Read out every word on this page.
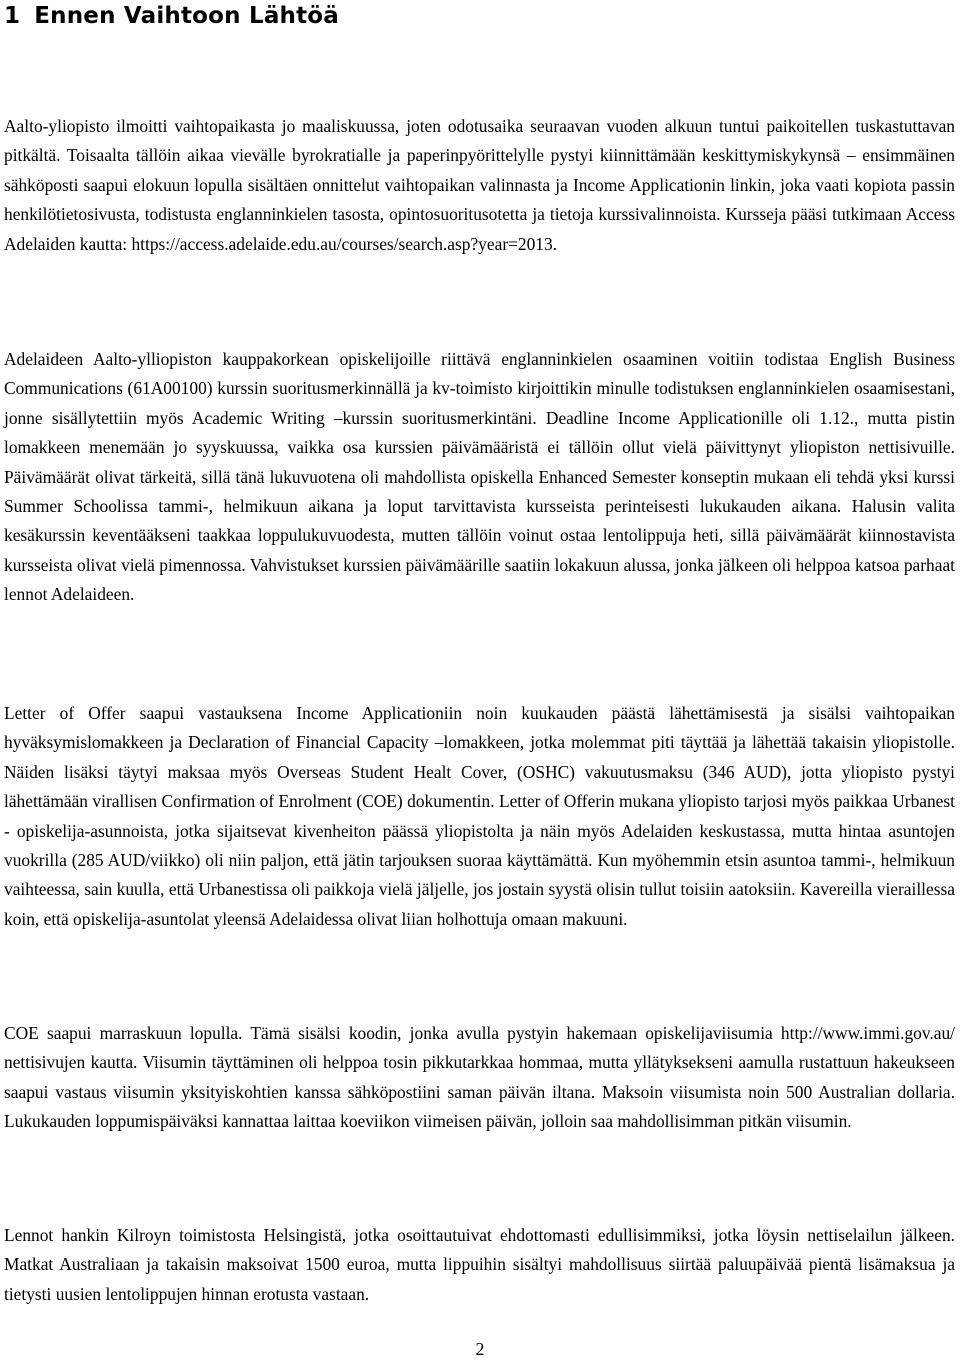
1 Ennen Vaihtoon Lähtöä

Aalto-yliopisto ilmoitti vaihtopaikasta jo maaliskuussa, joten odotusaika seuraavan vuoden alkuun tuntui paikoitellen tuskastuttavan pitkältä. Toisaalta tällöin aikaa vievälle byrokratialle ja paperinpyörittelylle pystyi kiinnittämään keskittymiskykynsä – ensimmäinen sähköposti saapui elokuun lopulla sisältäen onnittelut vaihtopaikan valinnasta ja Income Applicationin linkin, joka vaati kopiota passin henkilötietosivusta, todistusta englanninkielen tasosta, opintosuoritusotetta ja tietoja kurssivalinnoista. Kursseja pääsi tutkimaan Access Adelaiden kautta: https://access.adelaide.edu.au/courses/search.asp?year=2013.

Adelaideen Aalto-ylliopiston kauppakorkean opiskelijoille riittävä englanninkielen osaaminen voitiin todistaa English Business Communications (61A00100) kurssin suoritusmerkinnällä ja kv-toimisto kirjoittikin minulle todistuksen englanninkielen osaamisestani, jonne sisällytettiin myös Academic Writing –kurssin suoritusmerkintäni. Deadline Income Applicationille oli 1.12., mutta pistin lomakkeen menemään jo syyskuussa, vaikka osa kurssien päivämääristä ei tällöin ollut vielä päivittynyt yliopiston nettisivuille. Päivämäärät olivat tärkeitä, sillä tänä lukuvuotena oli mahdollista opiskella Enhanced Semester konseptin mukaan eli tehdä yksi kurssi Summer Schoolissa tammi-, helmikuun aikana ja loput tarvittavista kursseista perinteisesti lukukauden aikana. Halusin valita kesäkurssin keventääkseni taakkaa loppulukuvuodesta, mutten tällöin voinut ostaa lentolippuja heti, sillä päivämäärät kiinnostavista kursseista olivat vielä pimennossa. Vahvistukset kurssien päivämäärille saatiin lokakuun alussa, jonka jälkeen oli helppoa katsoa parhaat lennot Adelaideen.

Letter of Offer saapui vastauksena Income Applicationiin noin kuukauden päästä lähettämisestä ja sisälsi vaihtopaikan hyväksymislomakkeen ja Declaration of Financial Capacity –lomakkeen, jotka molemmat piti täyttää ja lähettää takaisin yliopistolle. Näiden lisäksi täytyi maksaa myös Overseas Student Healt Cover, (OSHC) vakuutusmaksu (346 AUD), jotta yliopisto pystyi lähettämään virallisen Confirmation of Enrolment (COE) dokumentin. Letter of Offerin mukana yliopisto tarjosi myös paikkaa Urbanest - opiskelija-asunnoista, jotka sijaitsevat kivenheiton päässä yliopistolta ja näin myös Adelaiden keskustassa, mutta hintaa asuntojen vuokrilla (285 AUD/viikko) oli niin paljon, että jätin tarjouksen suoraa käyttämättä. Kun myöhemmin etsin asuntoa tammi-, helmikuun vaihteessa, sain kuulla, että Urbanestissa oli paikkoja vielä jäljelle, jos jostain syystä olisin tullut toisiin aatoksiin. Kavereilla vieraillessa koin, että opiskelija-asuntolat yleensä Adelaidessa olivat liian holhottuja omaan makuuni.

COE saapui marraskuun lopulla. Tämä sisälsi koodin, jonka avulla pystyin hakemaan opiskelijaviisumia http://www.immi.gov.au/ nettisivujen kautta. Viisumin täyttäminen oli helppoa tosin pikkutarkkaa hommaa, mutta yllätyksekseni aamulla rustattuun hakeukseen saapui vastaus viisumin yksityiskohtien kanssa sähköpostiini saman päivän iltana. Maksoin viisumista noin 500 Australian dollaria. Lukukauden loppumispäiväksi kannattaa laittaa koeviikon viimeisen päivän, jolloin saa mahdollisimman pitkän viisumin.

Lennot hankin Kilroyn toimistosta Helsingistä, jotka osoittautuivat ehdottomasti edullisimmiksi, jotka löysin nettiselailun jälkeen. Matkat Australiaan ja takaisin maksoivat 1500 euroa, mutta lippuihin sisältyi mahdollisuus siirtää paluupäivää pientä lisämaksua ja tietysti uusien lentolippujen hinnan erotusta vastaan.

2
